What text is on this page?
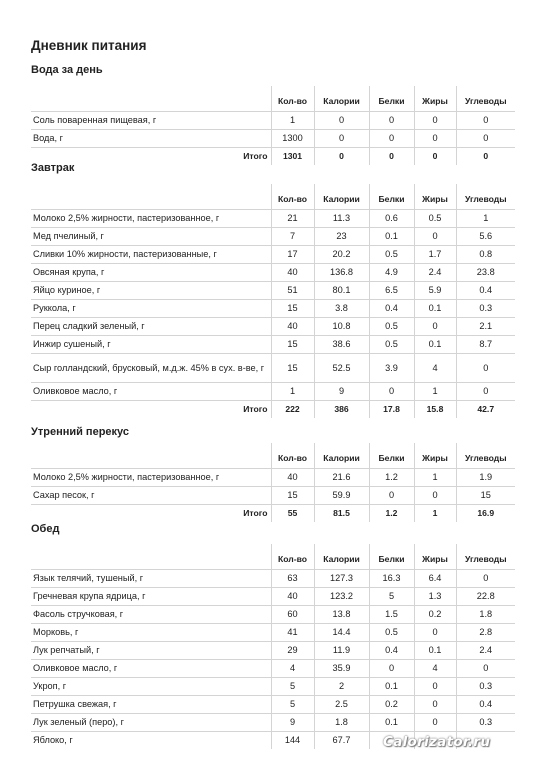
Дневник питания
Вода за день
	Кол-во	Калории	Белки	Жиры	Углеводы
Соль поваренная пищевая, г	1	0	0	0	0
Вода, г	1300	0	0	0	0
Итого	1301	0	0	0	0
Завтрак
	Кол-во	Калории	Белки	Жиры	Углеводы
Молоко 2,5% жирности, пастеризованное, г	21	11.3	0.6	0.5	1
Мед пчелиный, г	7	23	0.1	0	5.6
Сливки 10% жирности, пастеризованные, г	17	20.2	0.5	1.7	0.8
Овсяная крупа, г	40	136.8	4.9	2.4	23.8
Яйцо куриное, г	51	80.1	6.5	5.9	0.4
Руккола, г	15	3.8	0.4	0.1	0.3
Перец сладкий зеленый, г	40	10.8	0.5	0	2.1
Инжир сушеный, г	15	38.6	0.5	0.1	8.7
Сыр голландский, брусковый, м.д.ж. 45% в сух. в-ве, г	15	52.5	3.9	4	0
Оливковое масло, г	1	9	0	1	0
Итого	222	386	17.8	15.8	42.7
Утренний перекус
	Кол-во	Калории	Белки	Жиры	Углеводы
Молоко 2,5% жирности, пастеризованное, г	40	21.6	1.2	1	1.9
Сахар песок, г	15	59.9	0	0	15
Итого	55	81.5	1.2	1	16.9
Обед
	Кол-во	Калории	Белки	Жиры	Углеводы
Язык телячий, тушеный, г	63	127.3	16.3	6.4	0
Гречневая крупа ядрица, г	40	123.2	5	1.3	22.8
Фасоль стручковая, г	60	13.8	1.5	0.2	1.8
Морковь, г	41	14.4	0.5	0	2.8
Лук репчатый, г	29	11.9	0.4	0.1	2.4
Оливковое масло, г	4	35.9	0	4	0
Укроп, г	5	2	0.1	0	0.3
Петрушка свежая, г	5	2.5	0.2	0	0.4
Лук зеленый (перо), г	9	1.8	0.1	0	0.3
Яблоко, г	144	67.7			Calorizator.ru
